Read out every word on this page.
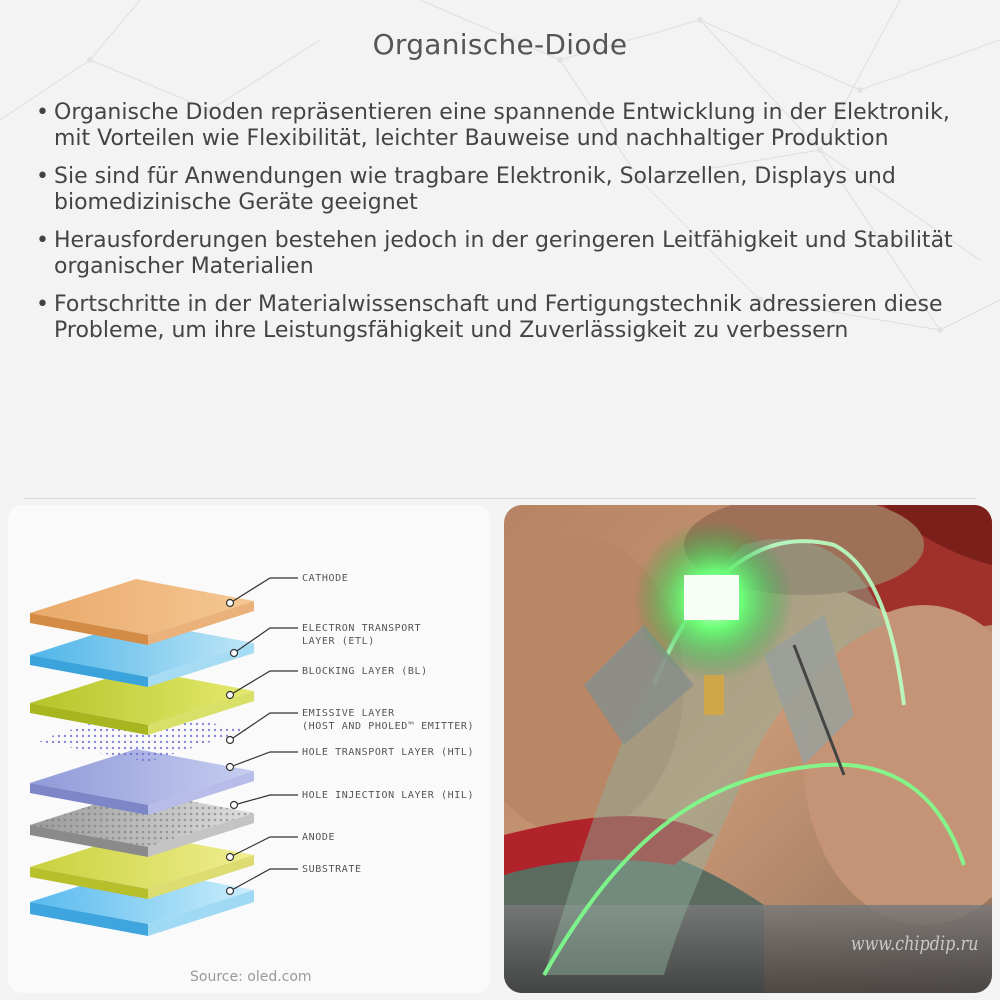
Organische-Diode
• Organische Dioden repräsentieren eine spannende Entwicklung in der Elektronik, mit Vorteilen wie Flexibilität, leichter Bauweise und nachhaltiger Produktion
• Sie sind für Anwendungen wie tragbare Elektronik, Solarzellen, Displays und biomedizinische Geräte geeignet
• Herausforderungen bestehen jedoch in der geringeren Leitfähigkeit und Stabilität organischer Materialien
• Fortschritte in der Materialwissenschaft und Fertigungstechnik adressieren diese Probleme, um ihre Leistungsfähigkeit und Zuverlässigkeit zu verbessern
CATHODE
ELECTRON TRANSPORT
LAYER (ETL)
BLOCKING LAYER (BL)
EMISSIVE LAYER
(HOST AND PHOLED™ EMITTER)
HOLE TRANSPORT LAYER (HTL)
HOLE INJECTION LAYER (HIL)
ANODE
SUBSTRATE
Source: oled.com
www.chipdip.ru
